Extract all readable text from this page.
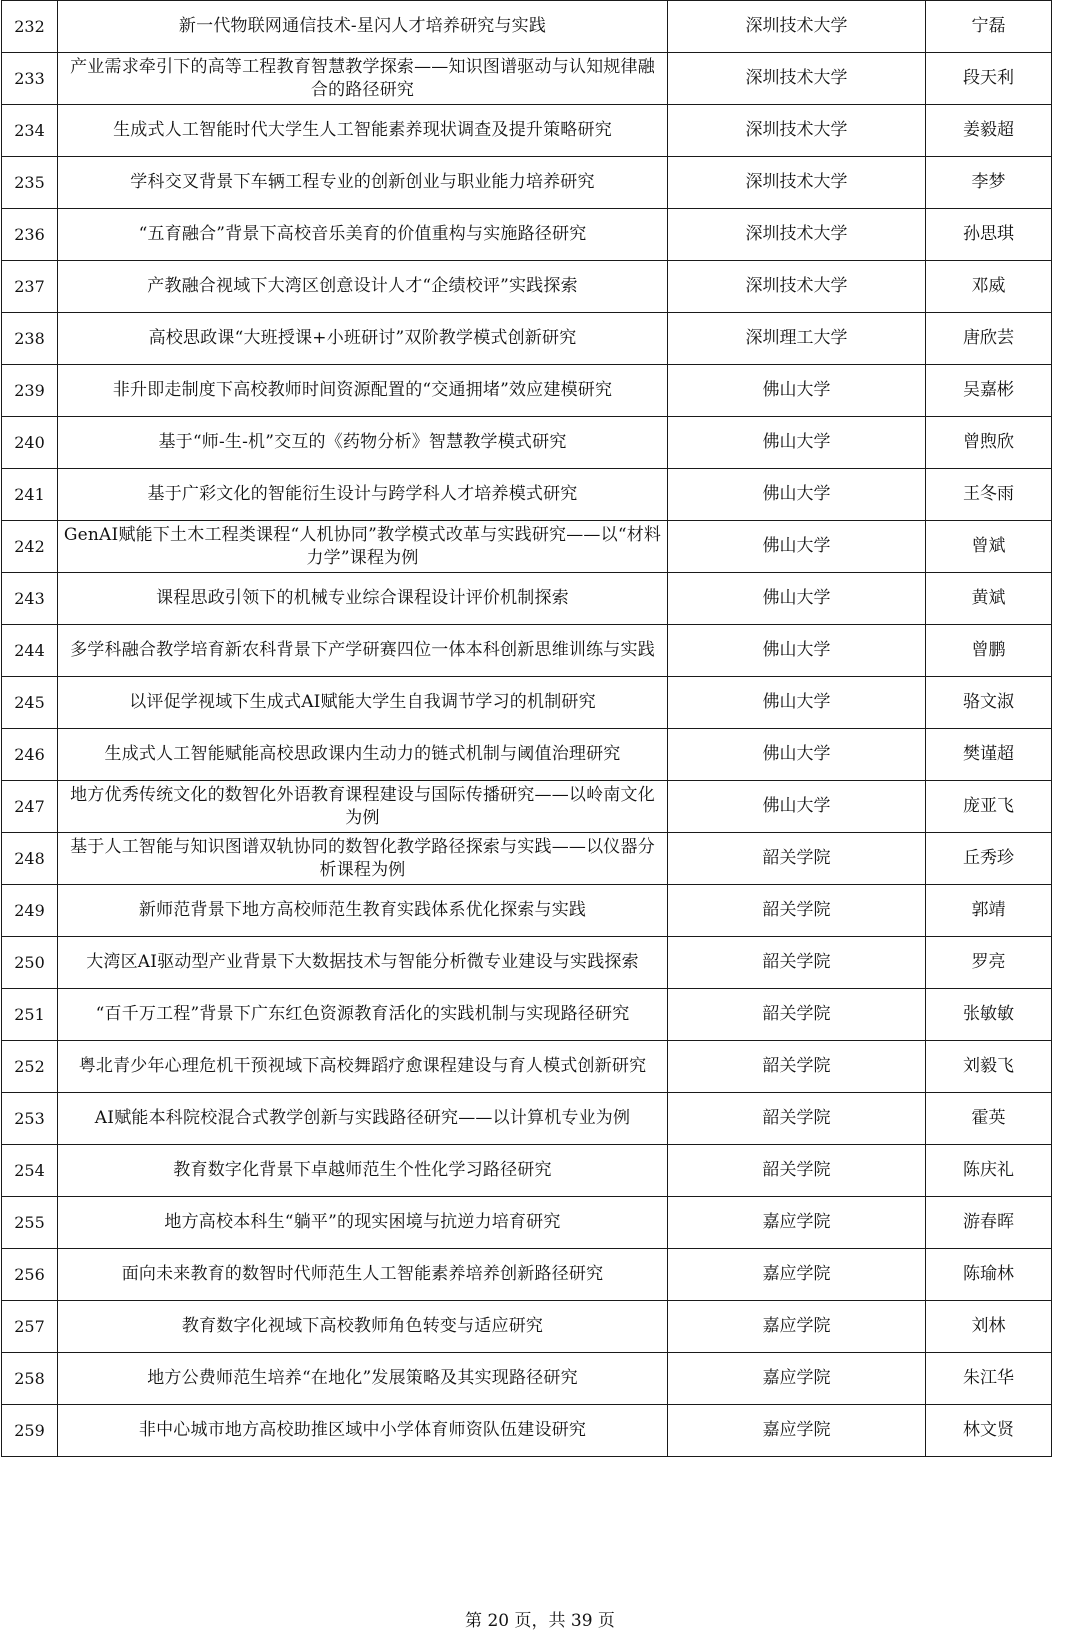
232	新一代物联网通信技术-星闪人才培养研究与实践	深圳技术大学	宁磊
233	产业需求牵引下的高等工程教育智慧教学探索——知识图谱驱动与认知规律融合的路径研究	深圳技术大学	段天利
234	生成式人工智能时代大学生人工智能素养现状调查及提升策略研究	深圳技术大学	姜毅超
235	学科交叉背景下车辆工程专业的创新创业与职业能力培养研究	深圳技术大学	李梦
236	“五育融合”背景下高校音乐美育的价值重构与实施路径研究	深圳技术大学	孙思琪
237	产教融合视域下大湾区创意设计人才“企绩校评”实践探索	深圳技术大学	邓威
238	高校思政课“大班授课+小班研讨”双阶教学模式创新研究	深圳理工大学	唐欣芸
239	非升即走制度下高校教师时间资源配置的“交通拥堵”效应建模研究	佛山大学	吴嘉彬
240	基于“师-生-机”交互的《药物分析》智慧教学模式研究	佛山大学	曾煦欣
241	基于广彩文化的智能衍生设计与跨学科人才培养模式研究	佛山大学	王冬雨
242	GenAI赋能下土木工程类课程“人机协同”教学模式改革与实践研究——以“材料力学”课程为例	佛山大学	曾斌
243	课程思政引领下的机械专业综合课程设计评价机制探索	佛山大学	黄斌
244	多学科融合教学培育新农科背景下产学研赛四位一体本科创新思维训练与实践	佛山大学	曾鹏
245	以评促学视域下生成式AI赋能大学生自我调节学习的机制研究	佛山大学	骆文淑
246	生成式人工智能赋能高校思政课内生动力的链式机制与阈值治理研究	佛山大学	樊谨超
247	地方优秀传统文化的数智化外语教育课程建设与国际传播研究——以岭南文化为例	佛山大学	庞亚飞
248	基于人工智能与知识图谱双轨协同的数智化教学路径探索与实践——以仪器分析课程为例	韶关学院	丘秀珍
249	新师范背景下地方高校师范生教育实践体系优化探索与实践	韶关学院	郭靖
250	大湾区AI驱动型产业背景下大数据技术与智能分析微专业建设与实践探索	韶关学院	罗亮
251	“百千万工程”背景下广东红色资源教育活化的实践机制与实现路径研究	韶关学院	张敏敏
252	粤北青少年心理危机干预视域下高校舞蹈疗愈课程建设与育人模式创新研究	韶关学院	刘毅飞
253	AI赋能本科院校混合式教学创新与实践路径研究——以计算机专业为例	韶关学院	霍英
254	教育数字化背景下卓越师范生个性化学习路径研究	韶关学院	陈庆礼
255	地方高校本科生“躺平”的现实困境与抗逆力培育研究	嘉应学院	游春晖
256	面向未来教育的数智时代师范生人工智能素养培养创新路径研究	嘉应学院	陈瑜林
257	教育数字化视域下高校教师角色转变与适应研究	嘉应学院	刘林
258	地方公费师范生培养“在地化”发展策略及其实现路径研究	嘉应学院	朱江华
259	非中心城市地方高校助推区域中小学体育师资队伍建设研究	嘉应学院	林文贤
第 20 页，共 39 页
